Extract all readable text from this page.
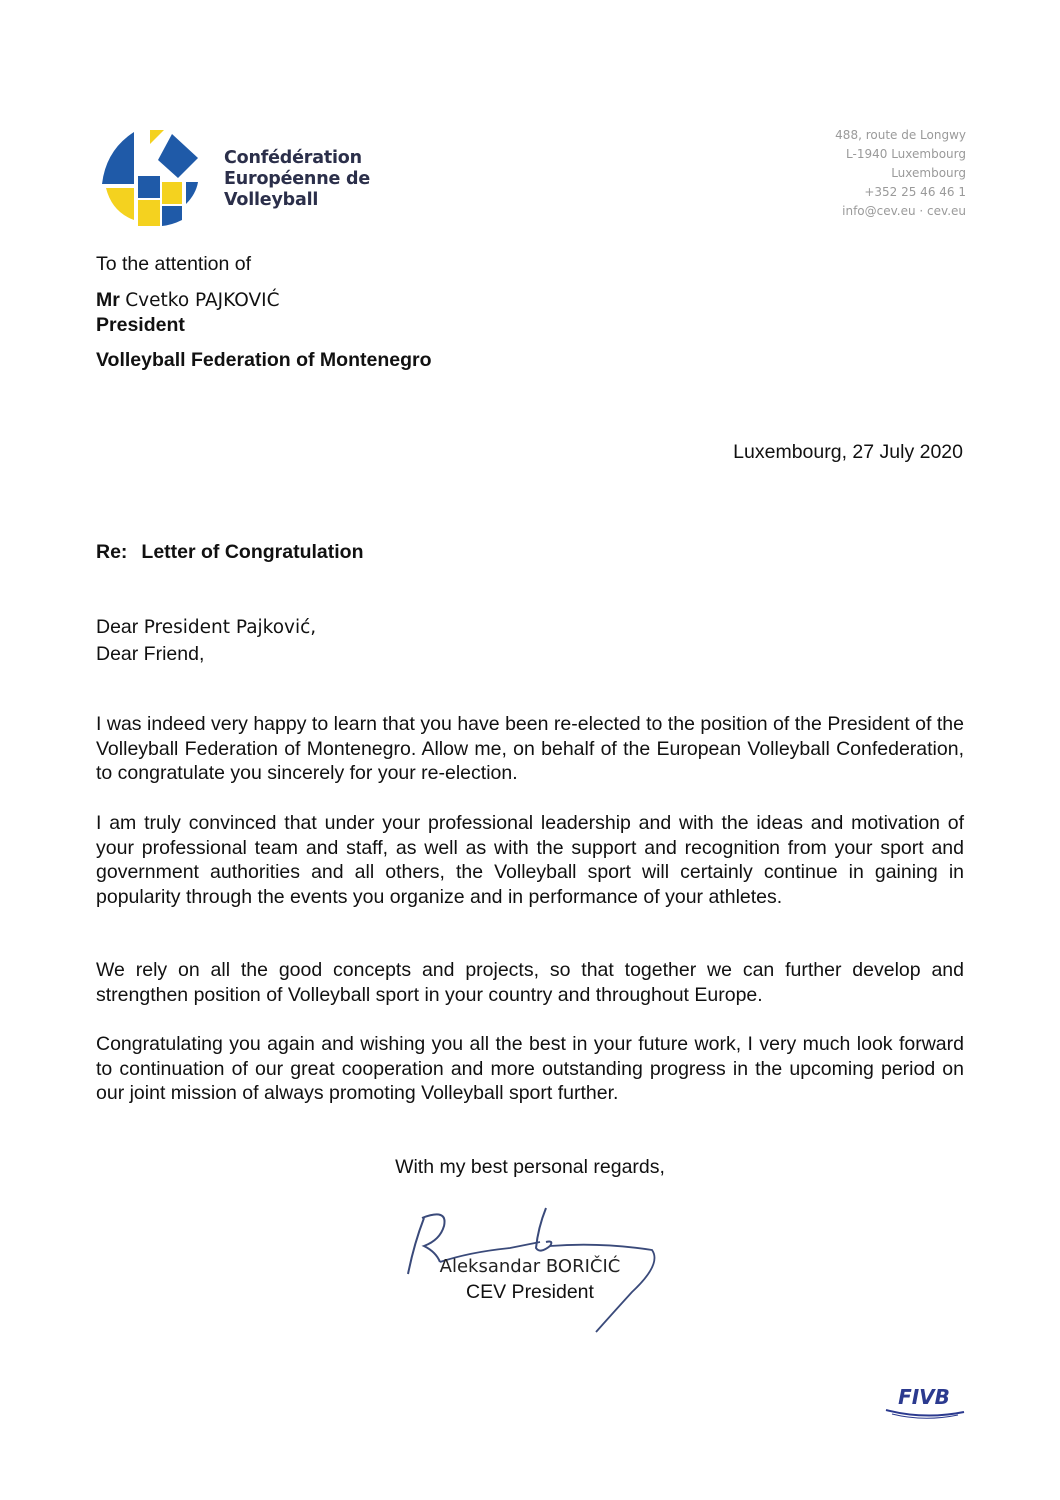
Confédération
Européenne de
Volleyball
488, route de Longwy
L-1940 Luxembourg
Luxembourg
+352 25 46 46 1
info@cev.eu · cev.eu
To the attention of
Mr Cvetko PAJKOVIĆ
President
Volleyball Federation of Montenegro
Luxembourg, 27 July 2020
Re: Letter of Congratulation
Dear President Pajković,
Dear Friend,

I was indeed very happy to learn that you have been re-elected to the position of the President of the Volleyball Federation of Montenegro. Allow me, on behalf of the European Volleyball Confederation, to congratulate you sincerely for your re-election.

I am truly convinced that under your professional leadership and with the ideas and motivation of your professional team and staff, as well as with the support and recognition from your sport and government authorities and all others, the Volleyball sport will certainly continue in gaining in popularity through the events you organize and in performance of your athletes.

We rely on all the good concepts and projects, so that together we can further develop and strengthen position of Volleyball sport in your country and throughout Europe.

Congratulating you again and wishing you all the best in your future work, I very much look forward to continuation of our great cooperation and more outstanding progress in the upcoming period on our joint mission of always promoting Volleyball sport further.

With my best personal regards,
Aleksandar BORIČIĆ
CEV President
FIVB
